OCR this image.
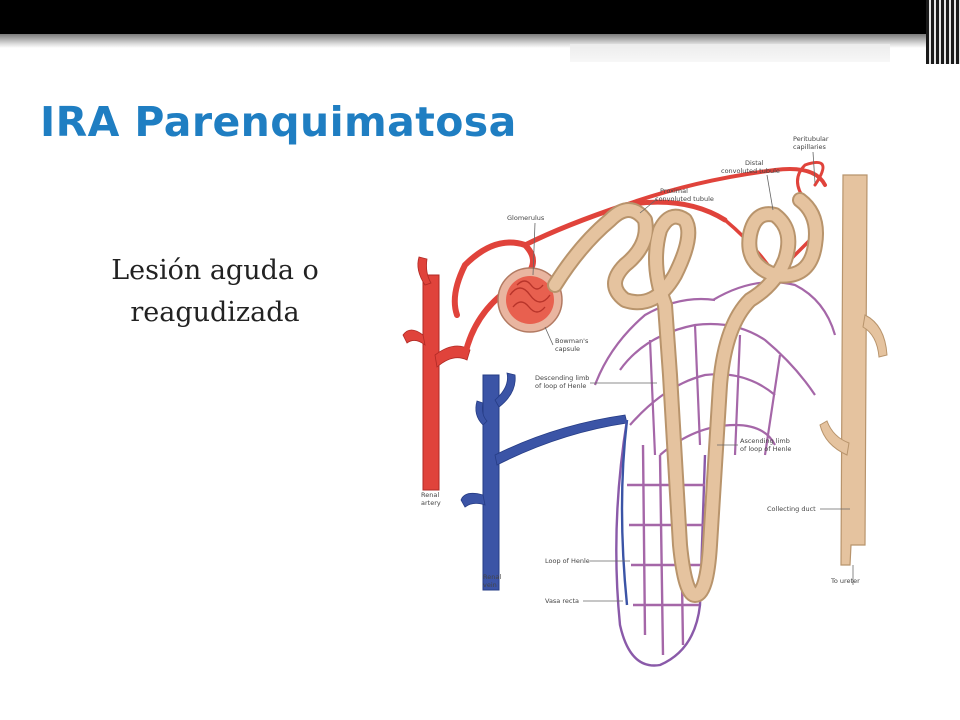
IRA Parenquimatosa
Lesión aguda o
reagudizada
Peritubular
capillaries
Distal
convoluted tubule
Proximal
convoluted tubule
Glomerulus
Bowman's
capsule
Descending limb
of loop of Henle
Ascending limb
of loop of Henle
Renal
artery
Collecting duct
Loop of Henle
Renal
vein	To ureter
Vasa recta
